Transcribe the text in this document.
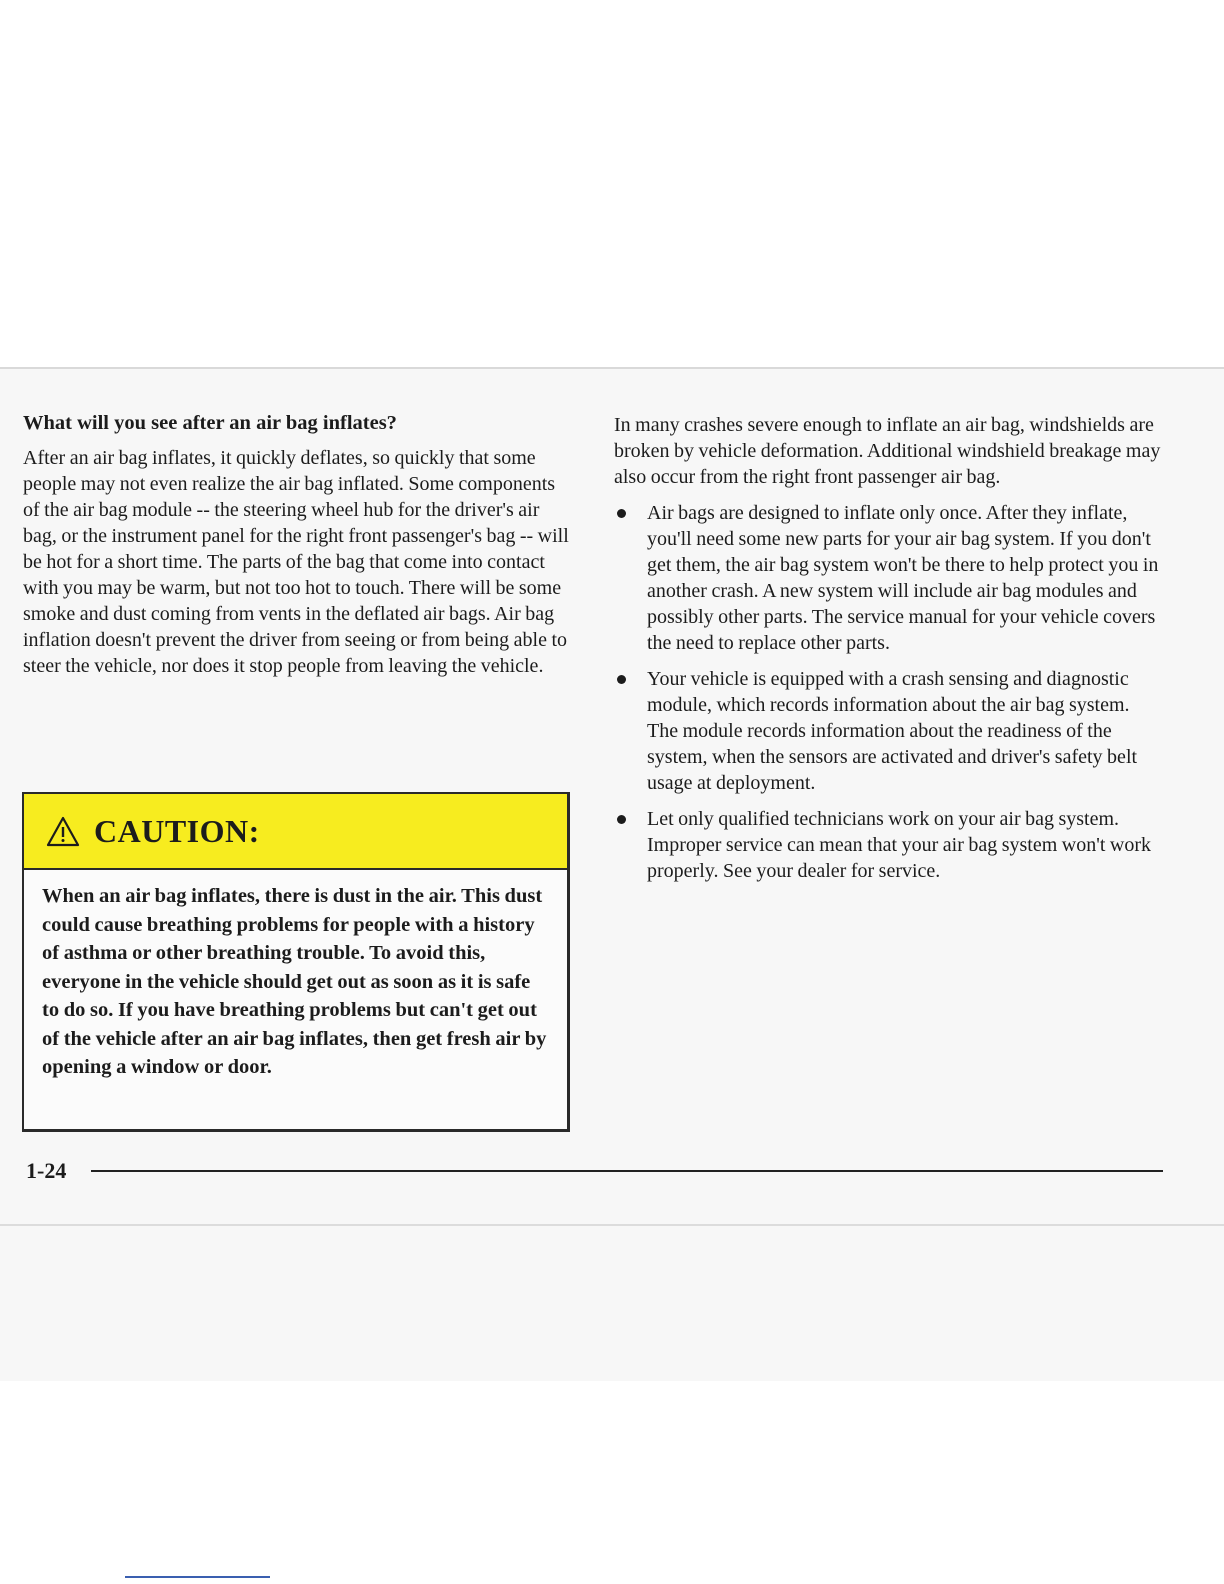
What will you see after an air bag inflates?

After an air bag inflates, it quickly deflates, so quickly that some people may not even realize the air bag inflated. Some components of the air bag module -- the steering wheel hub for the driver's air bag, or the instrument panel for the right front passenger's bag -- will be hot for a short time. The parts of the bag that come into contact with you may be warm, but not too hot to touch. There will be some smoke and dust coming from vents in the deflated air bags. Air bag inflation doesn't prevent the driver from seeing or from being able to steer the vehicle, nor does it stop people from leaving the vehicle.

CAUTION:
When an air bag inflates, there is dust in the air. This dust could cause breathing problems for people with a history of asthma or other breathing trouble. To avoid this, everyone in the vehicle should get out as soon as it is safe to do so. If you have breathing problems but can't get out of the vehicle after an air bag inflates, then get fresh air by opening a window or door.

In many crashes severe enough to inflate an air bag, windshields are broken by vehicle deformation. Additional windshield breakage may also occur from the right front passenger air bag.

Air bags are designed to inflate only once. After they inflate, you'll need some new parts for your air bag system. If you don't get them, the air bag system won't be there to help protect you in another crash. A new system will include air bag modules and possibly other parts. The service manual for your vehicle covers the need to replace other parts.
Your vehicle is equipped with a crash sensing and diagnostic module, which records information about the air bag system. The module records information about the readiness of the system, when the sensors are activated and driver's safety belt usage at deployment.
Let only qualified technicians work on your air bag system. Improper service can mean that your air bag system won't work properly. See your dealer for service.
1-24
